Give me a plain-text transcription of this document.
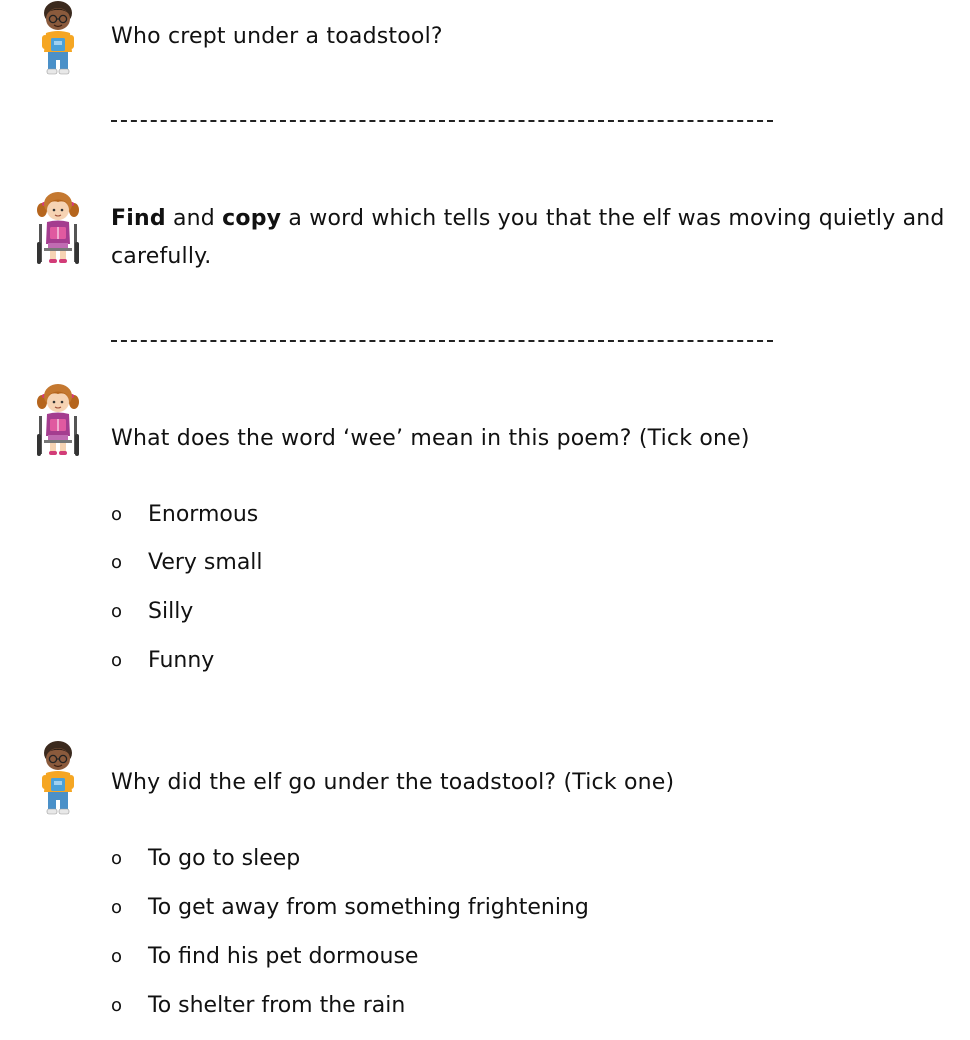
Who crept under a toadstool?
Find and copy a word which tells you that the elf was moving quietly and carefully.
What does the word ‘wee’ mean in this poem? (Tick one)
o Enormous
o Very small
o Silly
o Funny
Why did the elf go under the toadstool? (Tick one)
o To go to sleep
o To get away from something frightening
o To find his pet dormouse
o To shelter from the rain
